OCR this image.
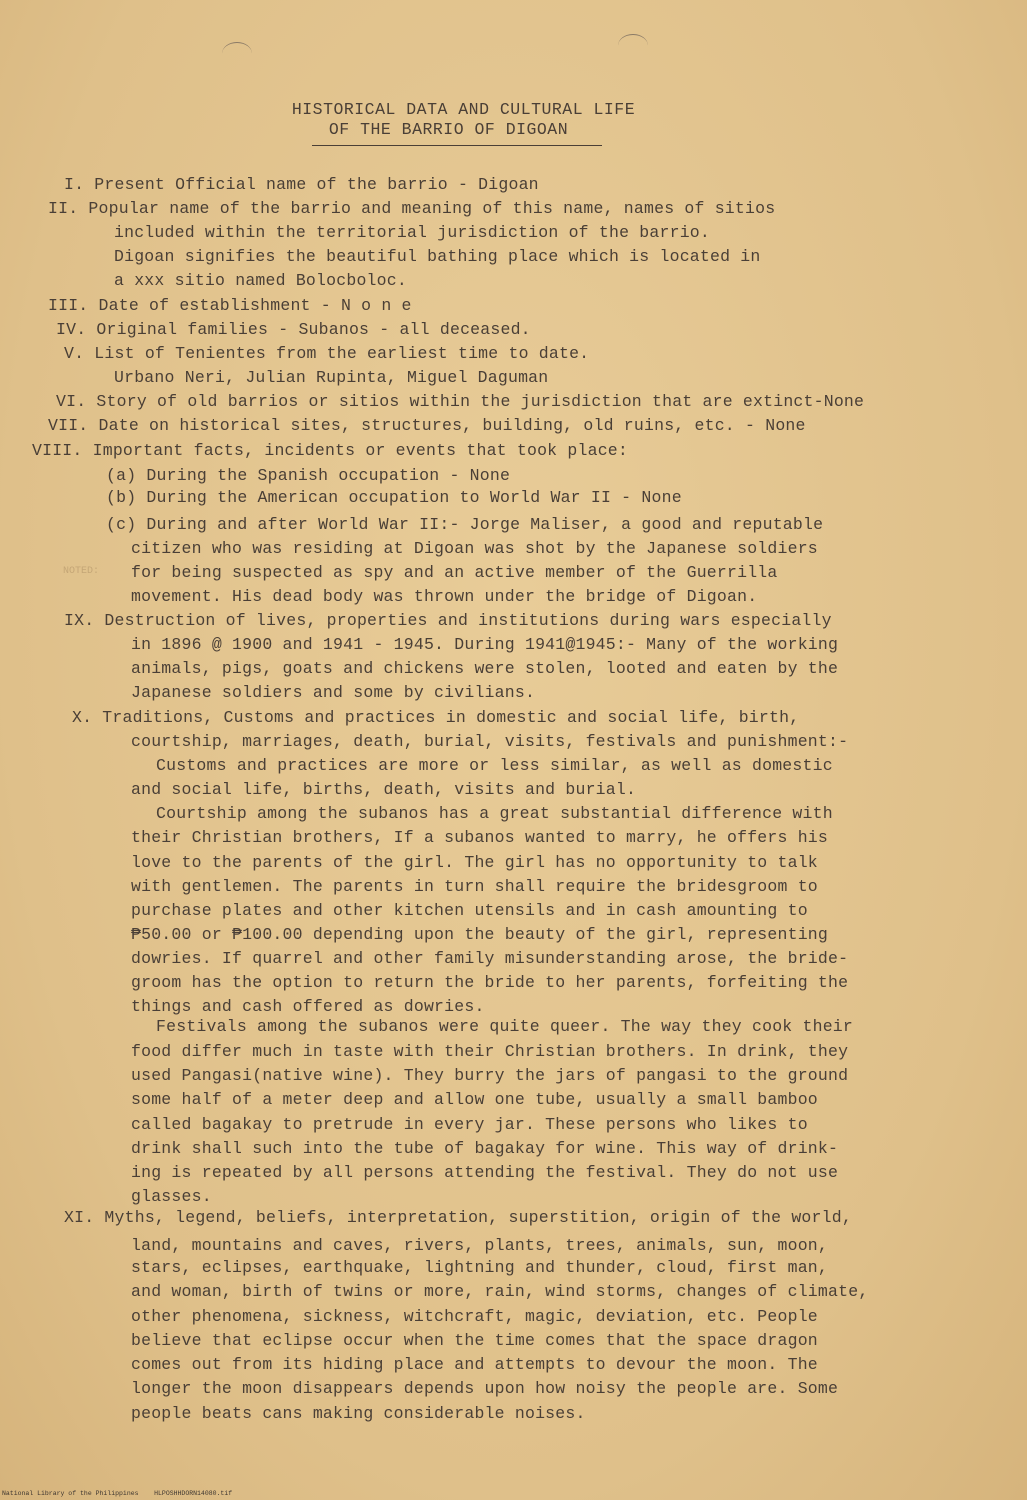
HISTORICAL DATA AND CULTURAL LIFE
OF THE BARRIO OF DIGOAN
NOTED:
I. Present Official name of the barrio - Digoan
II. Popular name of the barrio and meaning of this name, names of sitios
included within the territorial jurisdiction of the barrio.
Digoan signifies the beautiful bathing place which is located in
a xxx sitio named Bolocboloc.
III. Date of establishment - N o n e
IV. Original families - Subanos - all deceased.
V. List of Tenientes from the earliest time to date.
Urbano Neri, Julian Rupinta, Miguel Daguman
VI. Story of old barrios or sitios within the jurisdiction that are extinct-None
VII. Date on historical sites, structures, building, old ruins, etc. - None
VIII. Important facts, incidents or events that took place:
(a) During the Spanish occupation - None
(b) During the American occupation to World War II - None
(c) During and after World War II:- Jorge Maliser, a good and reputable
citizen who was residing at Digoan was shot by the Japanese soldiers
for being suspected as spy and an active member of the Guerrilla
movement. His dead body was thrown under the bridge of Digoan.
IX. Destruction of lives, properties and institutions during wars especially
in 1896 @ 1900 and 1941 - 1945. During 1941@1945:- Many of the working
animals, pigs, goats and chickens were stolen, looted and eaten by the
Japanese soldiers and some by civilians.
X. Traditions, Customs and practices in domestic and social life, birth,
courtship, marriages, death, burial, visits, festivals and punishment:-
Customs and practices are more or less similar, as well as domestic
and social life, births, death, visits and burial.
Courtship among the subanos has a great substantial difference with
their Christian brothers, If a subanos wanted to marry, he offers his
love to the parents of the girl. The girl has no opportunity to talk
with gentlemen. The parents in turn shall require the bridesgroom to
purchase plates and other kitchen utensils and in cash amounting to
₱50.00 or ₱100.00 depending upon the beauty of the girl, representing
dowries. If quarrel and other family misunderstanding arose, the bride-
groom has the option to return the bride to her parents, forfeiting the
things and cash offered as dowries.
Festivals among the subanos were quite queer. The way they cook their
food differ much in taste with their Christian brothers. In drink, they
used Pangasi(native wine). They burry the jars of pangasi to the ground
some half of a meter deep and allow one tube, usually a small bamboo
called bagakay to pretrude in every jar. These persons who likes to
drink shall such into the tube of bagakay for wine. This way of drink-
ing is repeated by all persons attending the festival. They do not use
glasses.
XI. Myths, legend, beliefs, interpretation, superstition, origin of the world,
land, mountains and caves, rivers, plants, trees, animals, sun, moon,
stars, eclipses, earthquake, lightning and thunder, cloud, first man,
and woman, birth of twins or more, rain, wind storms, changes of climate,
other phenomena, sickness, witchcraft, magic, deviation, etc. People
believe that eclipse occur when the time comes that the space dragon
comes out from its hiding place and attempts to devour the moon. The
longer the moon disappears depends upon how noisy the people are. Some
people beats cans making considerable noises.
National Library of the Philippines    HLPOSHHDORN14080.tif
